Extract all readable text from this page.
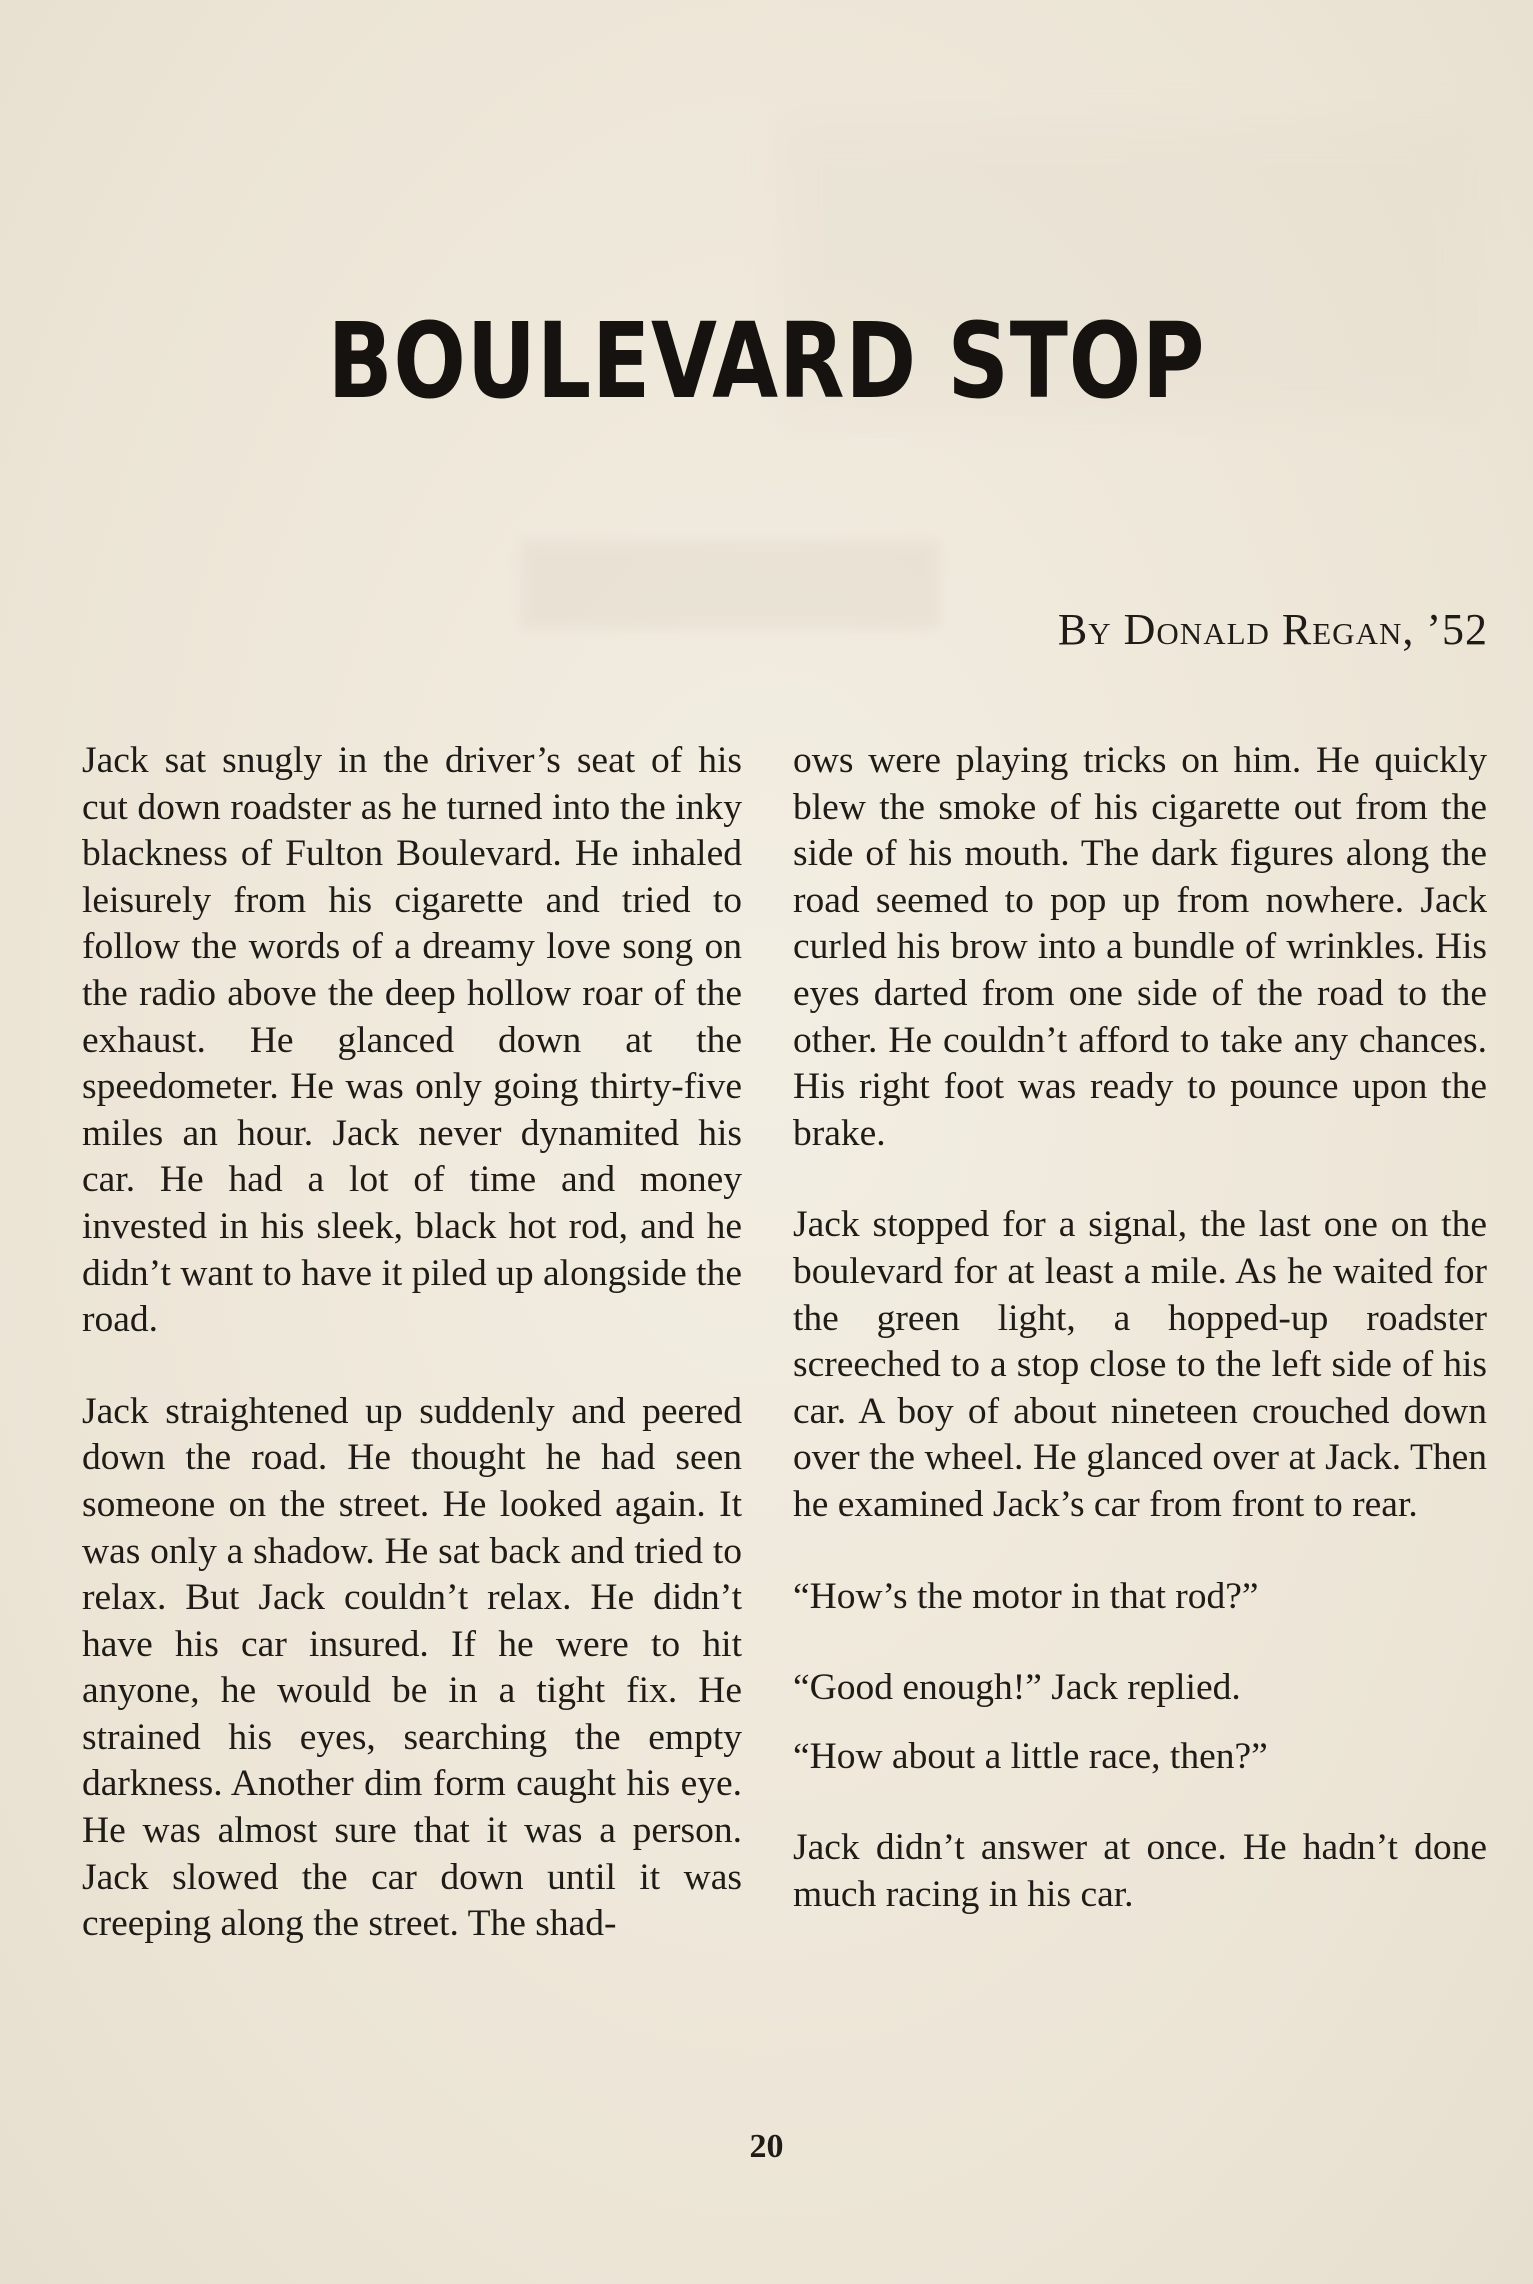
BOULEVARD STOP
By Donald Regan, ’52

Jack sat snugly in the driver’s seat of his cut down roadster as he turned into the inky blackness of Fulton Boulevard. He inhaled leisurely from his cigarette and tried to follow the words of a dreamy love song on the radio above the deep hollow roar of the exhaust. He glanced down at the speedometer. He was only going thirty-five miles an hour. Jack never dynamited his car. He had a lot of time and money invested in his sleek, black hot rod, and he didn’t want to have it piled up alongside the road.

Jack straightened up suddenly and peered down the road. He thought he had seen someone on the street. He looked again. It was only a shadow. He sat back and tried to relax. But Jack couldn’t relax. He didn’t have his car insured. If he were to hit anyone, he would be in a tight fix. He strained his eyes, searching the empty darkness. Another dim form caught his eye. He was almost sure that it was a person. Jack slowed the car down until it was creeping along the street. The shad-

ows were playing tricks on him. He quickly blew the smoke of his cigarette out from the side of his mouth. The dark figures along the road seemed to pop up from nowhere. Jack curled his brow into a bundle of wrinkles. His eyes darted from one side of the road to the other. He couldn’t afford to take any chances. His right foot was ready to pounce upon the brake.

Jack stopped for a signal, the last one on the boulevard for at least a mile. As he waited for the green light, a hopped-up roadster screeched to a stop close to the left side of his car. A boy of about nineteen crouched down over the wheel. He glanced over at Jack. Then he examined Jack’s car from front to rear.

“How’s the motor in that rod?”

“Good enough!” Jack replied.

“How about a little race, then?”

Jack didn’t answer at once. He hadn’t done much racing in his car.

20
